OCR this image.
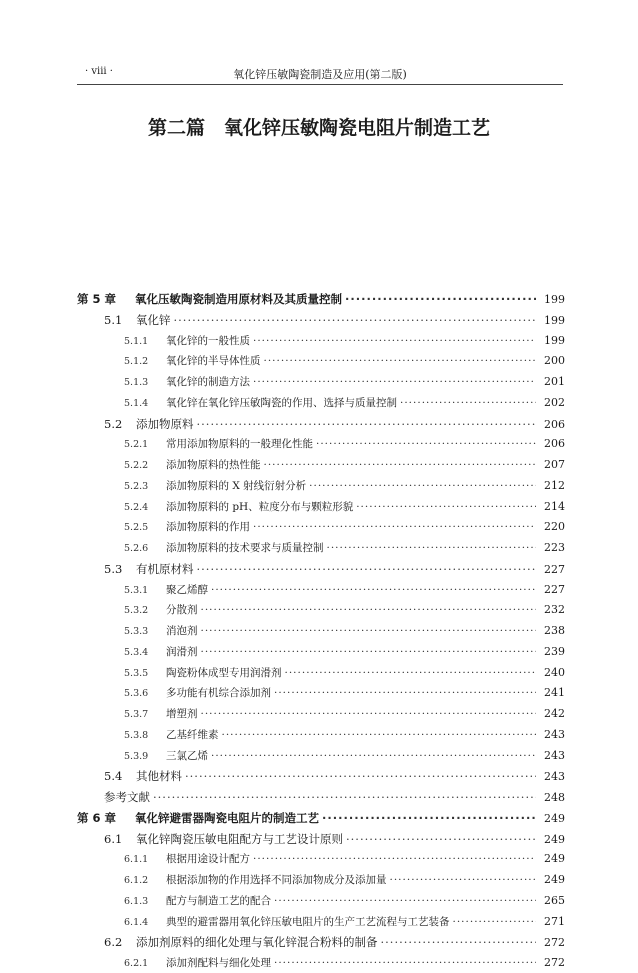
· viii ·	氧化锌压敏陶瓷制造及应用(第二版)
第二篇　氧化锌压敏陶瓷电阻片制造工艺
第 5 章	氧化压敏陶瓷制造用原材料及其质量控制 ·····	199
5.1	氧化锌 ·····	199
5.1.1	氧化锌的一般性质 ·····	199
5.1.2	氧化锌的半导体性质 ·····	200
5.1.3	氧化锌的制造方法 ·····	201
5.1.4	氧化锌在氧化锌压敏陶瓷的作用、选择与质量控制 ·····	202
5.2	添加物原料 ·····	206
5.2.1	常用添加物原料的一般理化性能 ·····	206
5.2.2	添加物原料的热性能 ·····	207
5.2.3	添加物原料的 X 射线衍射分析 ·····	212
5.2.4	添加物原料的 pH、粒度分布与颗粒形貌 ·····	214
5.2.5	添加物原料的作用 ·····	220
5.2.6	添加物原料的技术要求与质量控制 ·····	223
5.3	有机原材料 ·····	227
5.3.1	聚乙烯醇 ·····	227
5.3.2	分散剂 ·····	232
5.3.3	消泡剂 ·····	238
5.3.4	润滑剂 ·····	239
5.3.5	陶瓷粉体成型专用润滑剂 ·····	240
5.3.6	多功能有机综合添加剂 ·····	241
5.3.7	增塑剂 ·····	242
5.3.8	乙基纤维素 ·····	243
5.3.9	三氯乙烯 ·····	243
5.4	其他材料 ·····	243
参考文献 ·····	248
第 6 章	氧化锌避雷器陶瓷电阻片的制造工艺 ·····	249
6.1	氧化锌陶瓷压敏电阻配方与工艺设计原则 ·····	249
6.1.1	根据用途设计配方 ·····	249
6.1.2	根据添加物的作用选择不同添加物成分及添加量 ·····	249
6.1.3	配方与制造工艺的配合 ·····	265
6.1.4	典型的避雷器用氧化锌压敏电阻片的生产工艺流程与工艺装备 ·····	271
6.2	添加剂原料的细化处理与氧化锌混合粉料的制备 ·····	272
6.2.1	添加剂配料与细化处理 ·····	272
